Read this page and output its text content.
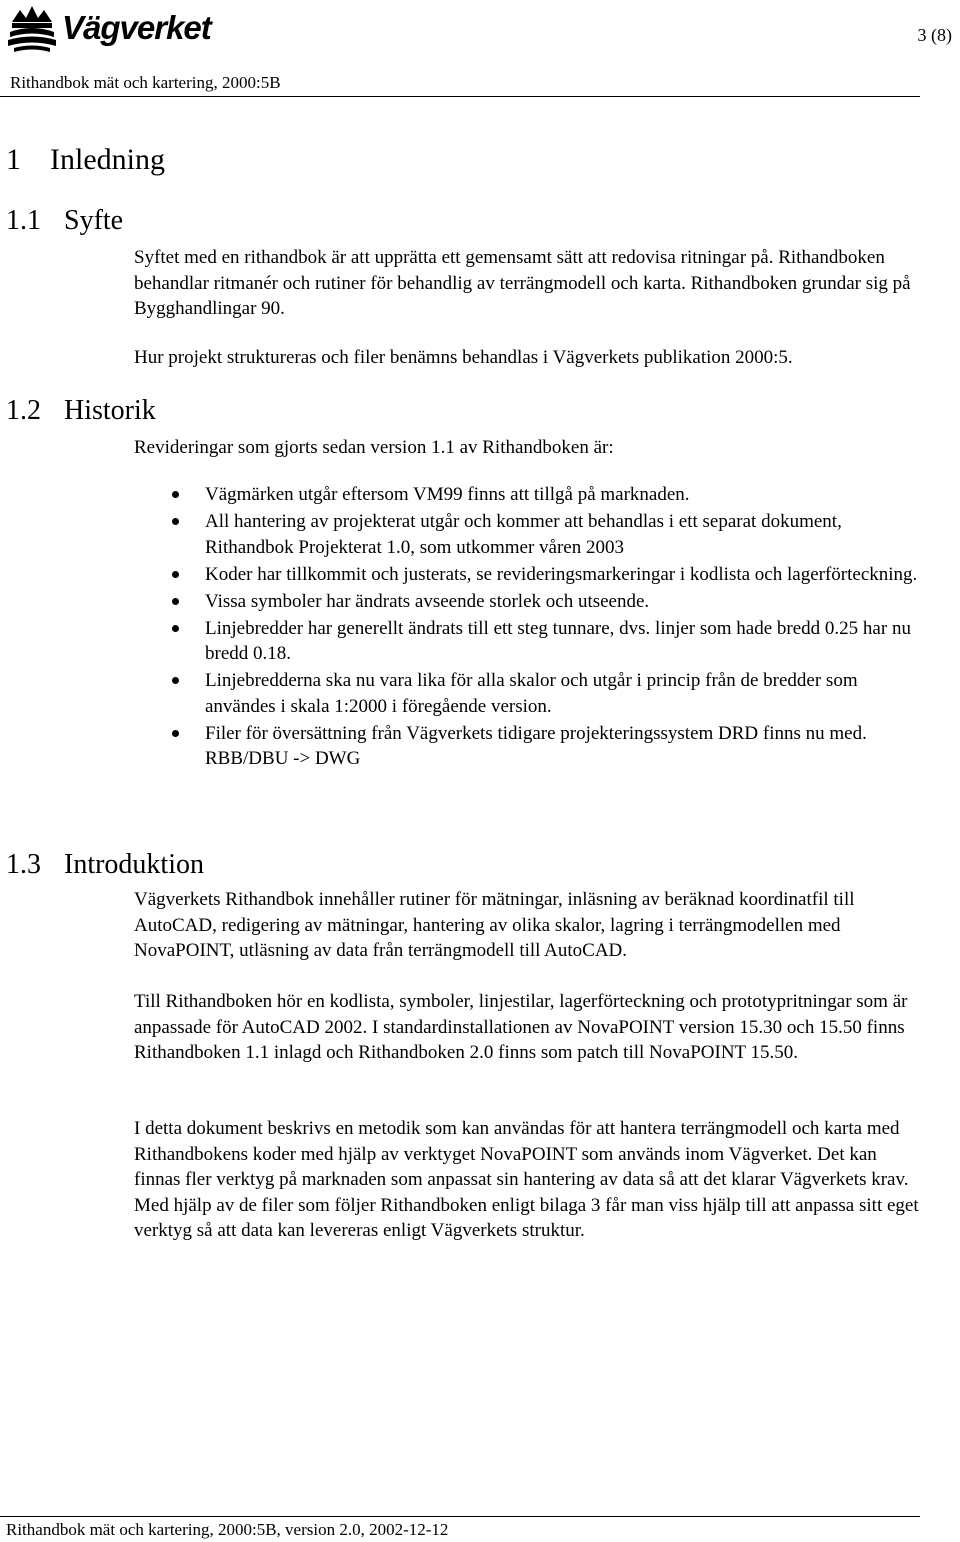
Vägverket	3 (8)
Rithandbok mät och kartering, 2000:5B
1 Inledning
1.1 Syfte

Syftet med en rithandbok är att upprätta ett gemensamt sätt att redovisa ritningar på. Rithandboken behandlar ritmanér och rutiner för behandlig av terrängmodell och karta. Rithandboken grundar sig på Bygghandlingar 90.

Hur projekt struktureras och filer benämns behandlas i Vägverkets publikation 2000:5.

1.2 Historik

Revideringar som gjorts sedan version 1.1 av Rithandboken är:

Vägmärken utgår eftersom VM99 finns att tillgå på marknaden.
All hantering av projekterat utgår och kommer att behandlas i ett separat dokument, Rithandbok Projekterat 1.0, som utkommer våren 2003
Koder har tillkommit och justerats, se revideringsmarkeringar i kodlista och lagerförteckning.
Vissa symboler har ändrats avseende storlek och utseende.
Linjebredder har generellt ändrats till ett steg tunnare, dvs. linjer som hade bredd 0.25 har nu bredd 0.18.
Linjebredderna ska nu vara lika för alla skalor och utgår i princip från de bredder som användes i skala 1:2000 i föregående version.
Filer för översättning från Vägverkets tidigare projekteringssystem DRD finns nu med. RBB/DBU -> DWG
1.3 Introduktion

Vägverkets Rithandbok innehåller rutiner för mätningar, inläsning av beräknad koordinatfil till AutoCAD, redigering av mätningar, hantering av olika skalor, lagring i terrängmodellen med NovaPOINT, utläsning av data från terrängmodell till AutoCAD.

Till Rithandboken hör en kodlista, symboler, linjestilar, lagerförteckning och prototypritningar som är anpassade för AutoCAD 2002. I standardinstallationen av NovaPOINT version 15.30 och 15.50 finns Rithandboken 1.1 inlagd och Rithandboken 2.0 finns som patch till NovaPOINT 15.50.

I detta dokument beskrivs en metodik som kan användas för att hantera terrängmodell och karta med Rithandbokens koder med hjälp av verktyget NovaPOINT som används inom Vägverket. Det kan finnas fler verktyg på marknaden som anpassat sin hantering av data så att det klarar Vägverkets krav. Med hjälp av de filer som följer Rithandboken enligt bilaga 3 får man viss hjälp till att anpassa sitt eget verktyg så att data kan levereras enligt Vägverkets struktur.

Rithandbok mät och kartering, 2000:5B, version 2.0, 2002-12-12
